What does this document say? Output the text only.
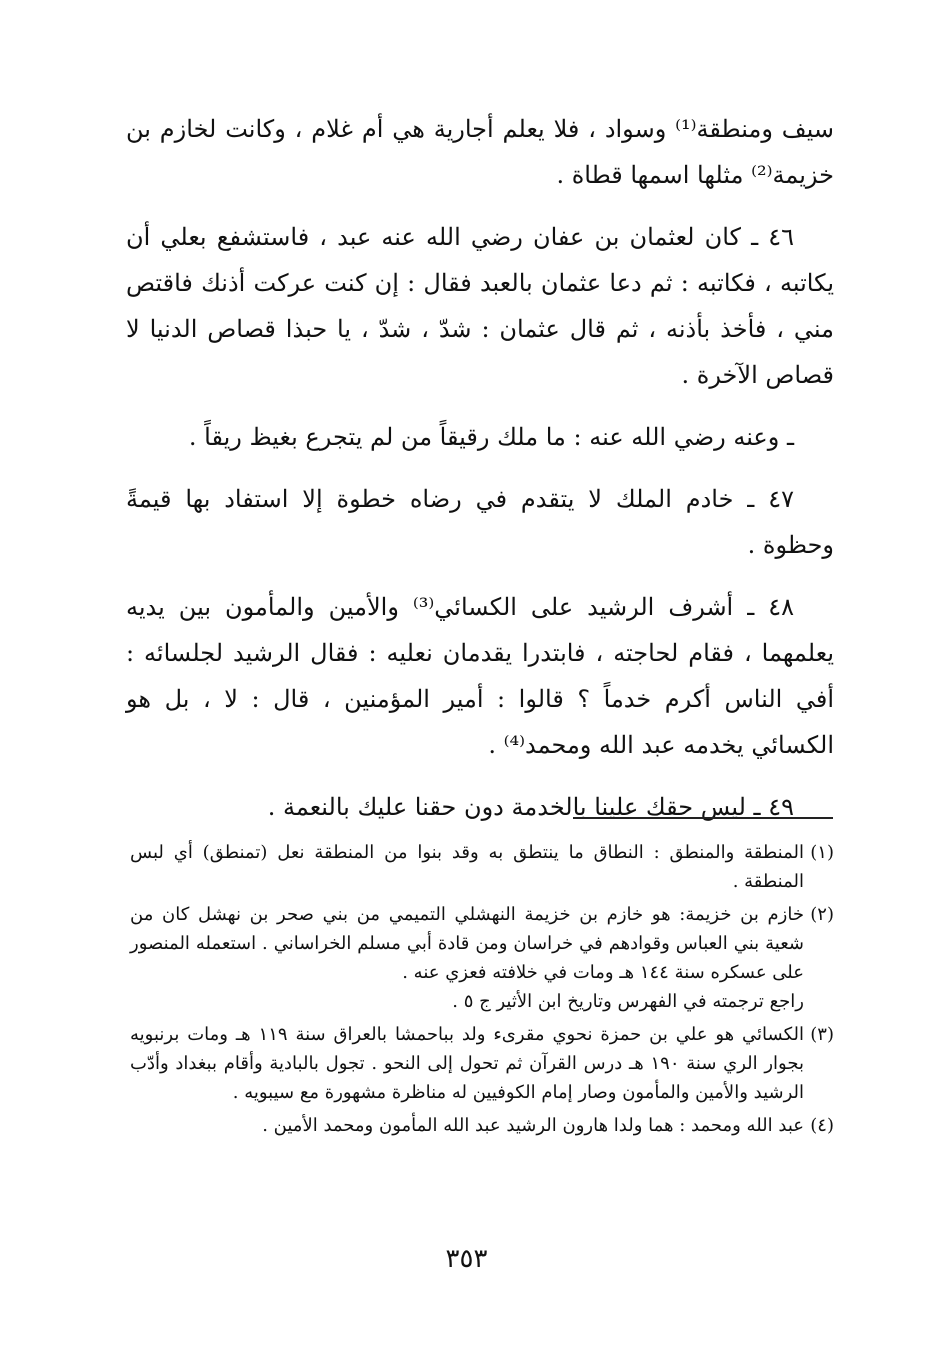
سيف ومنطقة⁽¹⁾ وسواد ، فلا يعلم أجارية هي أم غلام ، وكانت لخازم بن خزيمة⁽²⁾ مثلها اسمها قطاة .

٤٦ ـ كان لعثمان بن عفان رضي الله عنه عبد ، فاستشفع بعلي أن يكاتبه ، فكاتبه : ثم دعا عثمان بالعبد فقال : إن كنت عركت أذنك فاقتص مني ، فأخذ بأذنه ، ثم قال عثمان : شدّ ، شدّ ، يا حبذا قصاص الدنيا لا قصاص الآخرة .

ـ وعنه رضي الله عنه : ما ملك رقيقاً من لم يتجرع بغيظ ريقاً .

٤٧ ـ خادم الملك لا يتقدم في رضاه خطوة إلا استفاد بها قيمةً وحظوة .

٤٨ ـ أشرف الرشيد على الكسائي⁽³⁾ والأمين والمأمون بين يديه يعلمهما ، فقام لحاجته ، فابتدرا يقدمان نعليه : فقال الرشيد لجلسائه : أفي الناس أكرم خدماً ؟ قالوا : أمير المؤمنين ، قال : لا ، بل هو الكسائي يخدمه عبد الله ومحمد⁽⁴⁾ .

٤٩ ـ ليس حقك علينا بالخدمة دون حقنا عليك بالنعمة .

(١)
المنطقة والمنطق : النطاق ما ينتطق به وقد بنوا من المنطقة نعل (تمنطق) أي لبس المنطقة .
(٢)
خازم بن خزيمة: هو خازم بن خزيمة النهشلي التميمي من بني صحر بن نهشل كان من شعية بني العباس وقوادهم في خراسان ومن قادة أبي مسلم الخراساني . استعمله المنصور على عسكره سنة ١٤٤ هـ ومات في خلافته فعزي عنه .
راجع ترجمته في الفهرس وتاريخ ابن الأثير ج ٥ .
(٣)
الكسائي هو علي بن حمزة نحوي مقرىء ولد بباحمشا بالعراق سنة ١١٩ هـ ومات برنبويه بجوار الري سنة ١٩٠ هـ درس القرآن ثم تحول إلى النحو . تجول بالبادية وأقام ببغداد وأدّب الرشيد والأمين والمأمون وصار إمام الكوفيين له مناظرة مشهورة مع سيبويه .
(٤)
عبد الله ومحمد : هما ولدا هارون الرشيد عبد الله المأمون ومحمد الأمين .
٣٥٣
